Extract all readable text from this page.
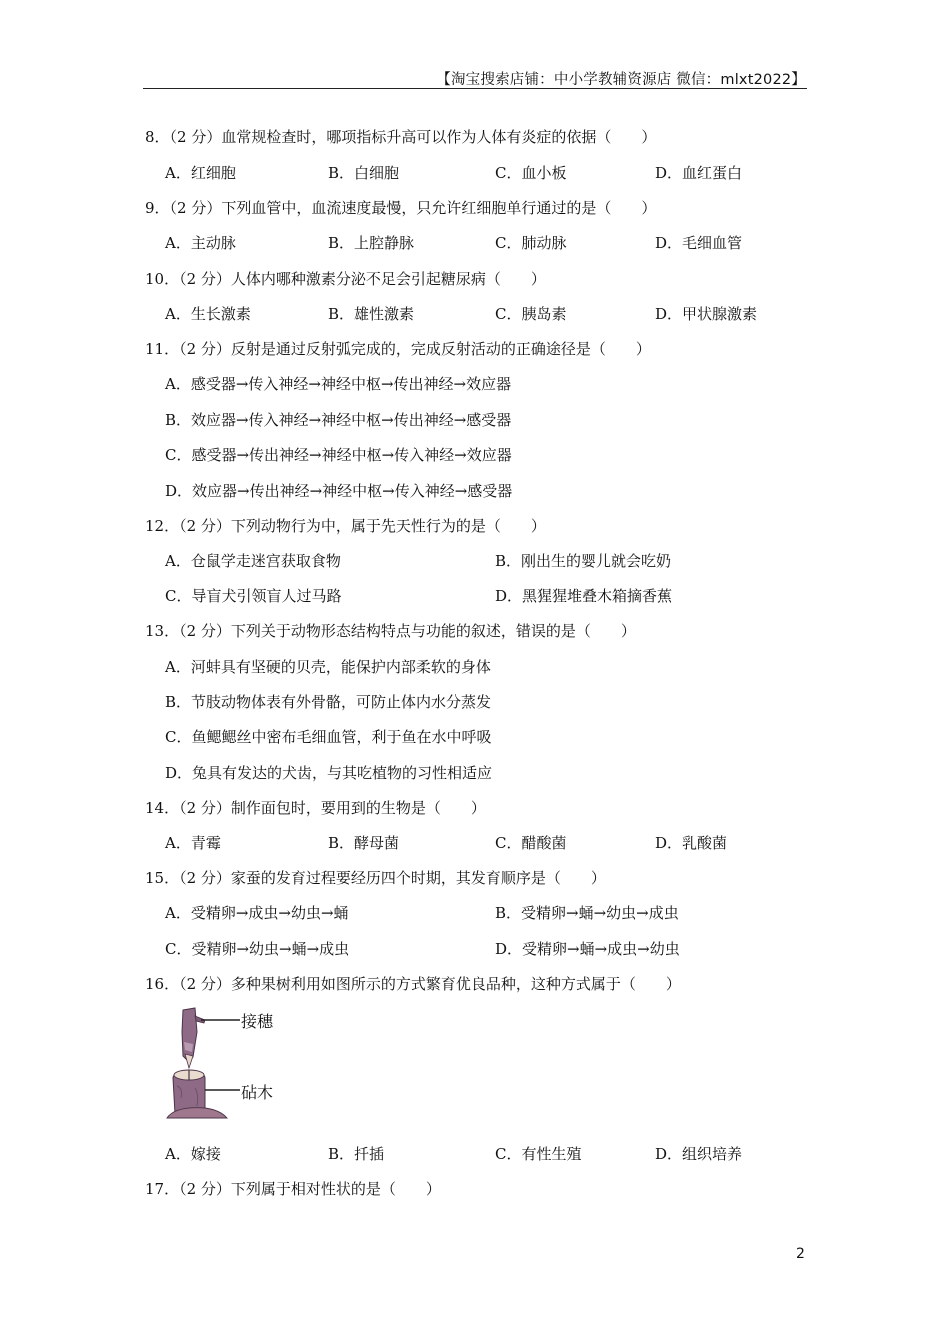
【淘宝搜索店铺：中小学教辅资源店 微信：mlxt2022】
8．（2 分）血常规检查时，哪项指标升高可以作为人体有炎症的依据（　　）
A．红细胞	B．白细胞	C．血小板	D．血红蛋白
9．（2 分）下列血管中，血流速度最慢，只允许红细胞单行通过的是（　　）
A．主动脉	B．上腔静脉	C．肺动脉	D．毛细血管
10．（2 分）人体内哪种激素分泌不足会引起糖尿病（　　）
A．生长激素	B．雄性激素	C．胰岛素	D．甲状腺激素
11．（2 分）反射是通过反射弧完成的，完成反射活动的正确途径是（　　）
A．感受器→传入神经→神经中枢→传出神经→效应器
B．效应器→传入神经→神经中枢→传出神经→感受器
C．感受器→传出神经→神经中枢→传入神经→效应器
D．效应器→传出神经→神经中枢→传入神经→感受器
12．（2 分）下列动物行为中，属于先天性行为的是（　　）
A．仓鼠学走迷宫获取食物	B．刚出生的婴儿就会吃奶
C．导盲犬引领盲人过马路	D．黑猩猩堆叠木箱摘香蕉
13．（2 分）下列关于动物形态结构特点与功能的叙述，错误的是（　　）
A．河蚌具有坚硬的贝壳，能保护内部柔软的身体
B．节肢动物体表有外骨骼，可防止体内水分蒸发
C．鱼鳃鳃丝中密布毛细血管，利于鱼在水中呼吸
D．兔具有发达的犬齿，与其吃植物的习性相适应
14．（2 分）制作面包时，要用到的生物是（　　）
A．青霉	B．酵母菌	C．醋酸菌	D．乳酸菌
15．（2 分）家蚕的发育过程要经历四个时期，其发育顺序是（　　）
A．受精卵→成虫→幼虫→蛹	B．受精卵→蛹→幼虫→成虫
C．受精卵→幼虫→蛹→成虫	D．受精卵→蛹→成虫→幼虫
16．（2 分）多种果树利用如图所示的方式繁育优良品种，这种方式属于（　　）
接穗
砧木
A．嫁接	B．扦插	C．有性生殖	D．组织培养
17．（2 分）下列属于相对性状的是（　　）
2
